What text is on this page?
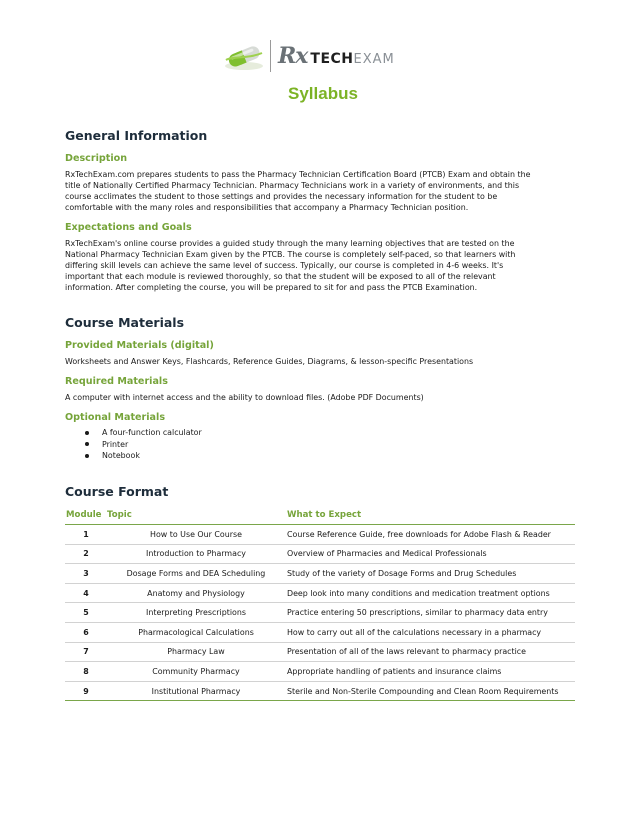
Rx TECH EXAM
Syllabus
General Information
Description

RxTechExam.com prepares students to pass the Pharmacy Technician Certification Board (PTCB) Exam and obtain the
title of Nationally Certified Pharmacy Technician. Pharmacy Technicians work in a variety of environments, and this
course acclimates the student to those settings and provides the necessary information for the student to be
comfortable with the many roles and responsibilities that accompany a Pharmacy Technician position.

Expectations and Goals

RxTechExam's online course provides a guided study through the many learning objectives that are tested on the
National Pharmacy Technician Exam given by the PTCB. The course is completely self-paced, so that learners with
differing skill levels can achieve the same level of success. Typically, our course is completed in 4-6 weeks. It's
important that each module is reviewed thoroughly, so that the student will be exposed to all of the relevant
information. After completing the course, you will be prepared to sit for and pass the PTCB Examination.

Course Materials
Provided Materials (digital)

Worksheets and Answer Keys, Flashcards, Reference Guides, Diagrams, & lesson-specific Presentations

Required Materials

A computer with internet access and the ability to download files. (Adobe PDF Documents)

Optional Materials
A four-function calculator
Printer
Notebook
Course Format
Module	Topic	What to Expect
1	How to Use Our Course	Course Reference Guide, free downloads for Adobe Flash & Reader
2	Introduction to Pharmacy	Overview of Pharmacies and Medical Professionals
3	Dosage Forms and DEA Scheduling	Study of the variety of Dosage Forms and Drug Schedules
4	Anatomy and Physiology	Deep look into many conditions and medication treatment options
5	Interpreting Prescriptions	Practice entering 50 prescriptions, similar to pharmacy data entry
6	Pharmacological Calculations	How to carry out all of the calculations necessary in a pharmacy
7	Pharmacy Law	Presentation of all of the laws relevant to pharmacy practice
8	Community Pharmacy	Appropriate handling of patients and insurance claims
9	Institutional Pharmacy	Sterile and Non-Sterile Compounding and Clean Room Requirements
